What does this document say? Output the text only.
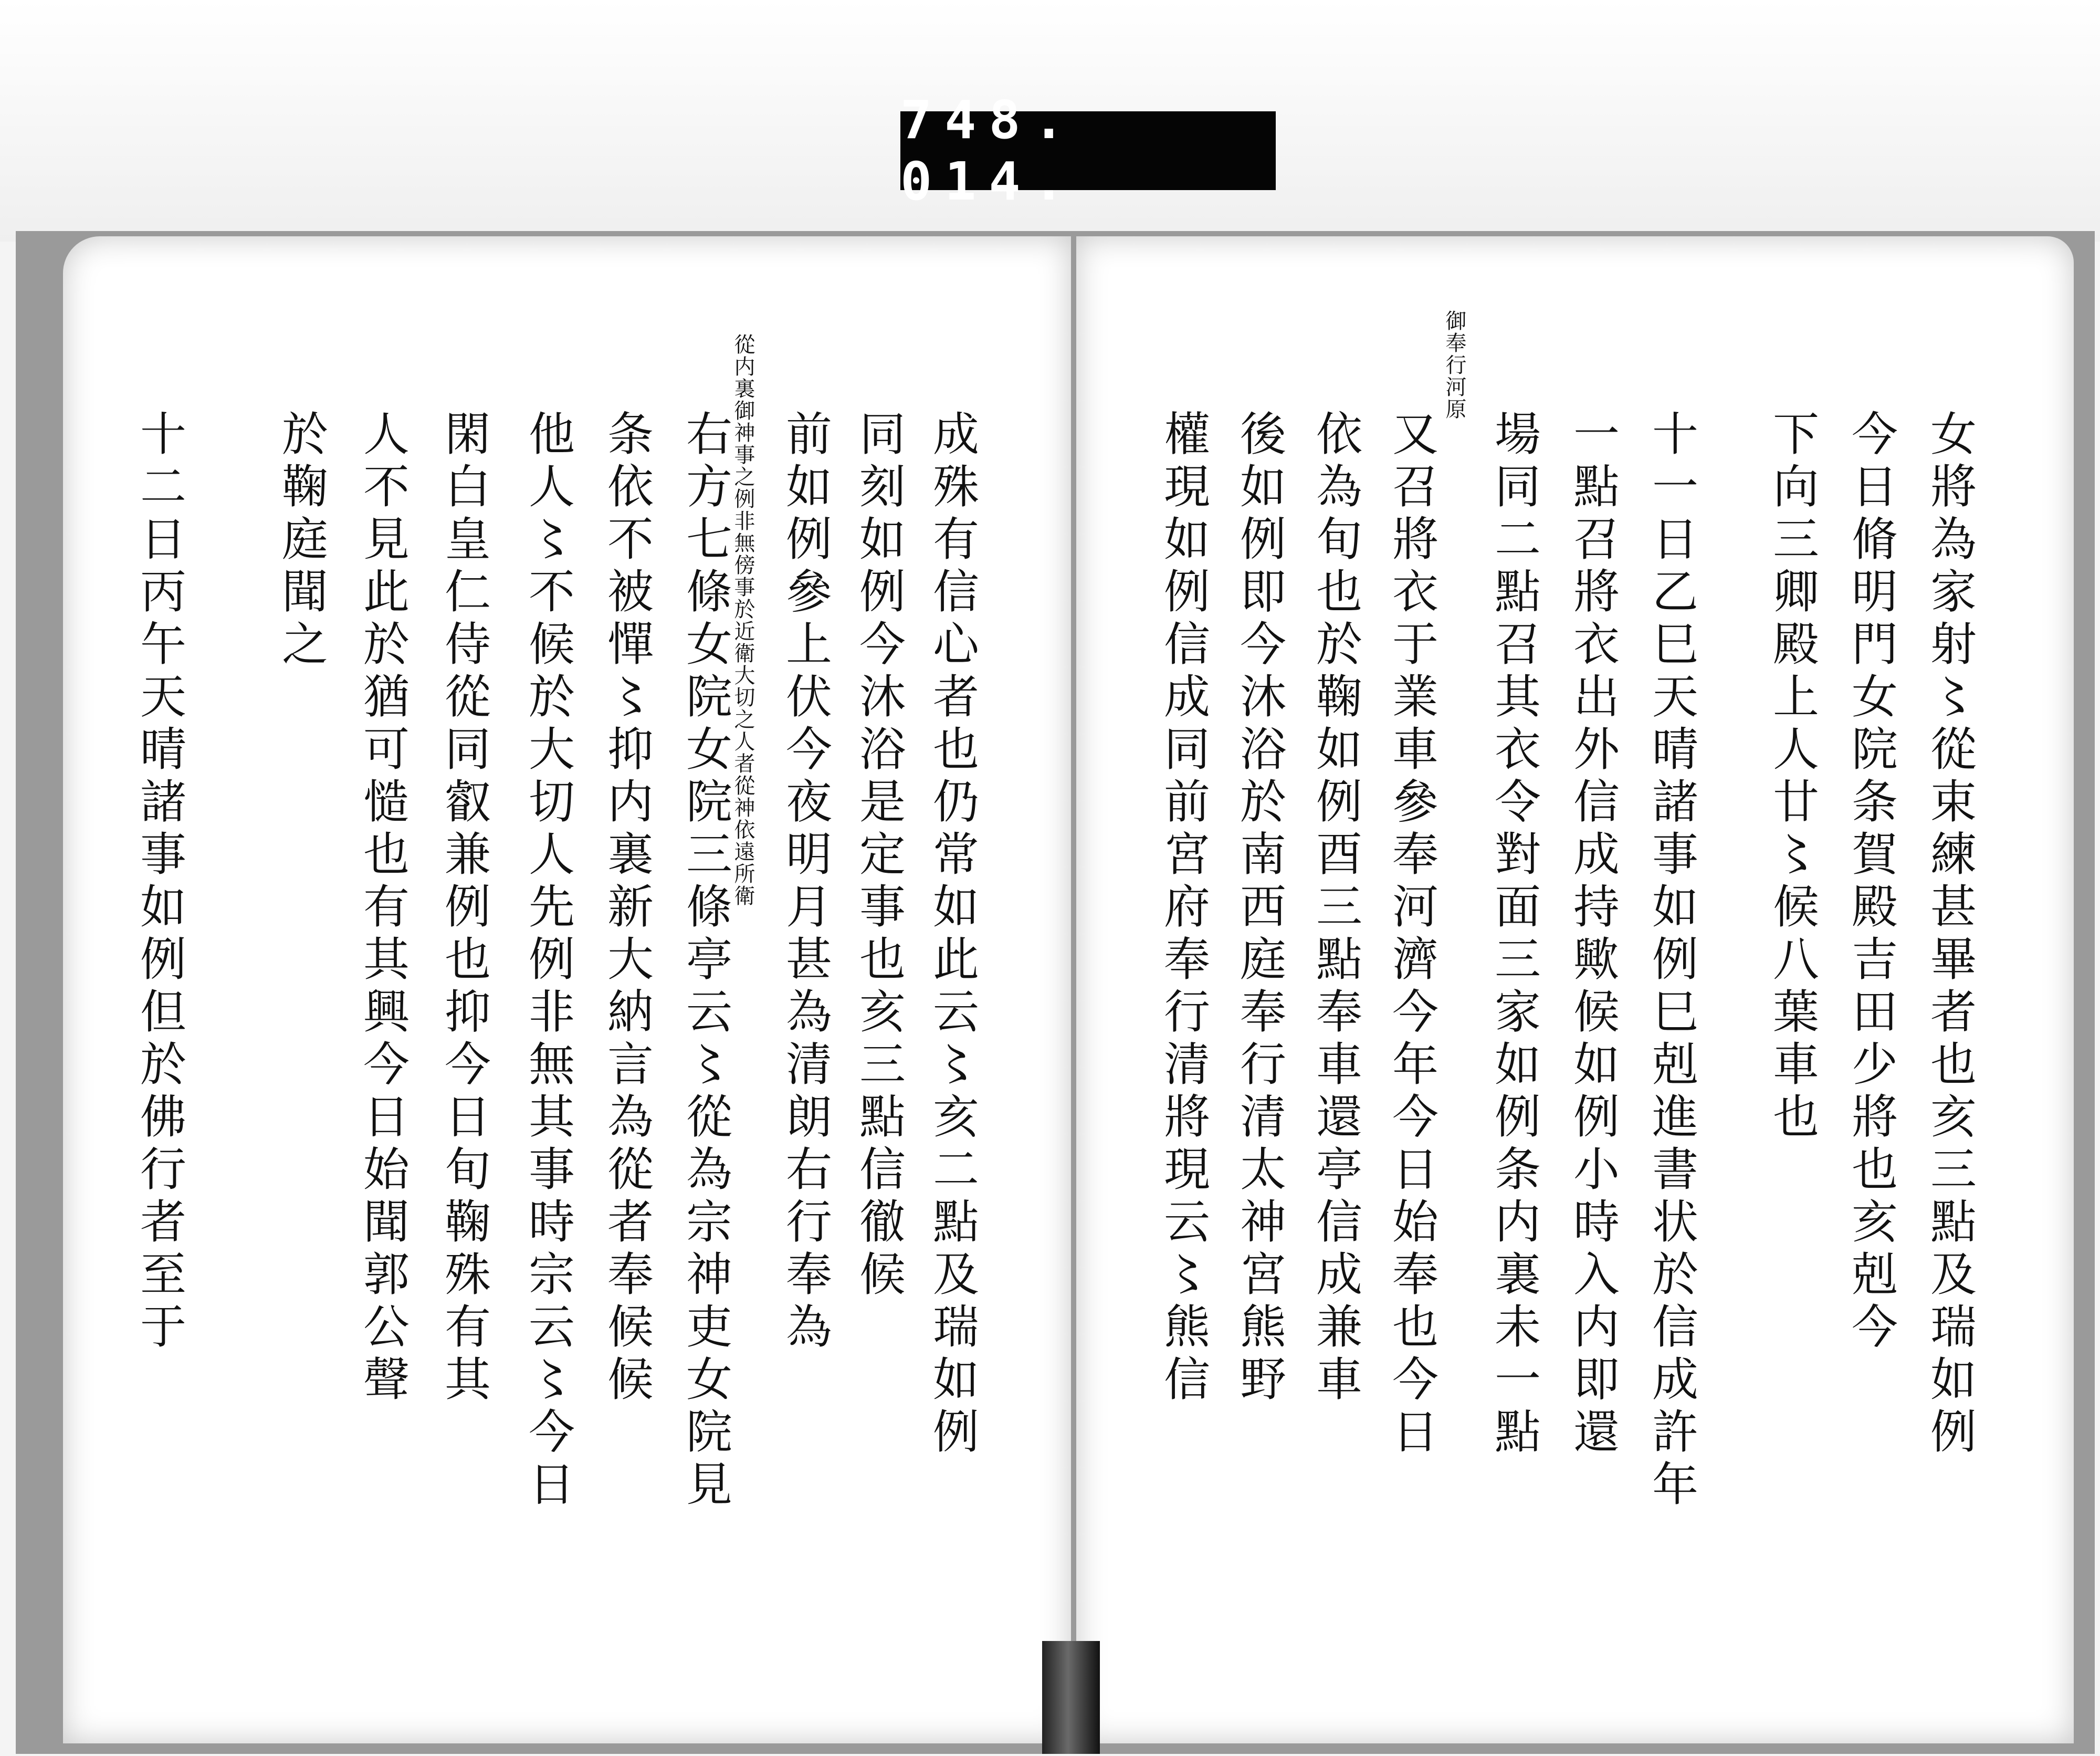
748. 014.
十二日丙午天晴諸事如例但於佛行者至于 於鞠庭聞之 人不見此於猶可慥也有其興今日始聞郭公聲 閑白皇仁侍從同叡兼例也抑今日旬鞠殊有其 他人〻不候於大切人先例非無其事時宗云〻今日 条依不被憚〻抑内裏新大納言為從者奉候候 右方七條女院女院三條亭云〻從為宗神吏女院見
從内裏御神事之例非無傍事於近衛大切之人者從神依遠所衛 前如例參上伏今夜明月甚為清朗右行奉為 同刻如例今沐浴是定事也亥三點信徹候 成殊有信心者也仍常如此云〻亥二點及瑞如例	權現如例信成同前宮府奉行清將現云〻熊信 後如例即今沐浴於南西庭奉行清太神宮熊野 依為旬也於鞠如例酉三點奉車還亭信成兼車 又召將衣于業車參奉河濟今年今日始奉也今日
御奉行河原
場同二點召其衣令對面三家如例条内裏未一點 一點召將衣出外信成持歟候如例小時入内即還 十一日乙巳天晴諸事如例巳剋進書状於信成許年 下向三卿殿上人廿〻候八葉車也 今日脩明門女院条賀殿吉田少將也亥剋今 女將為家射〻從束練甚畢者也亥三點及瑞如例
